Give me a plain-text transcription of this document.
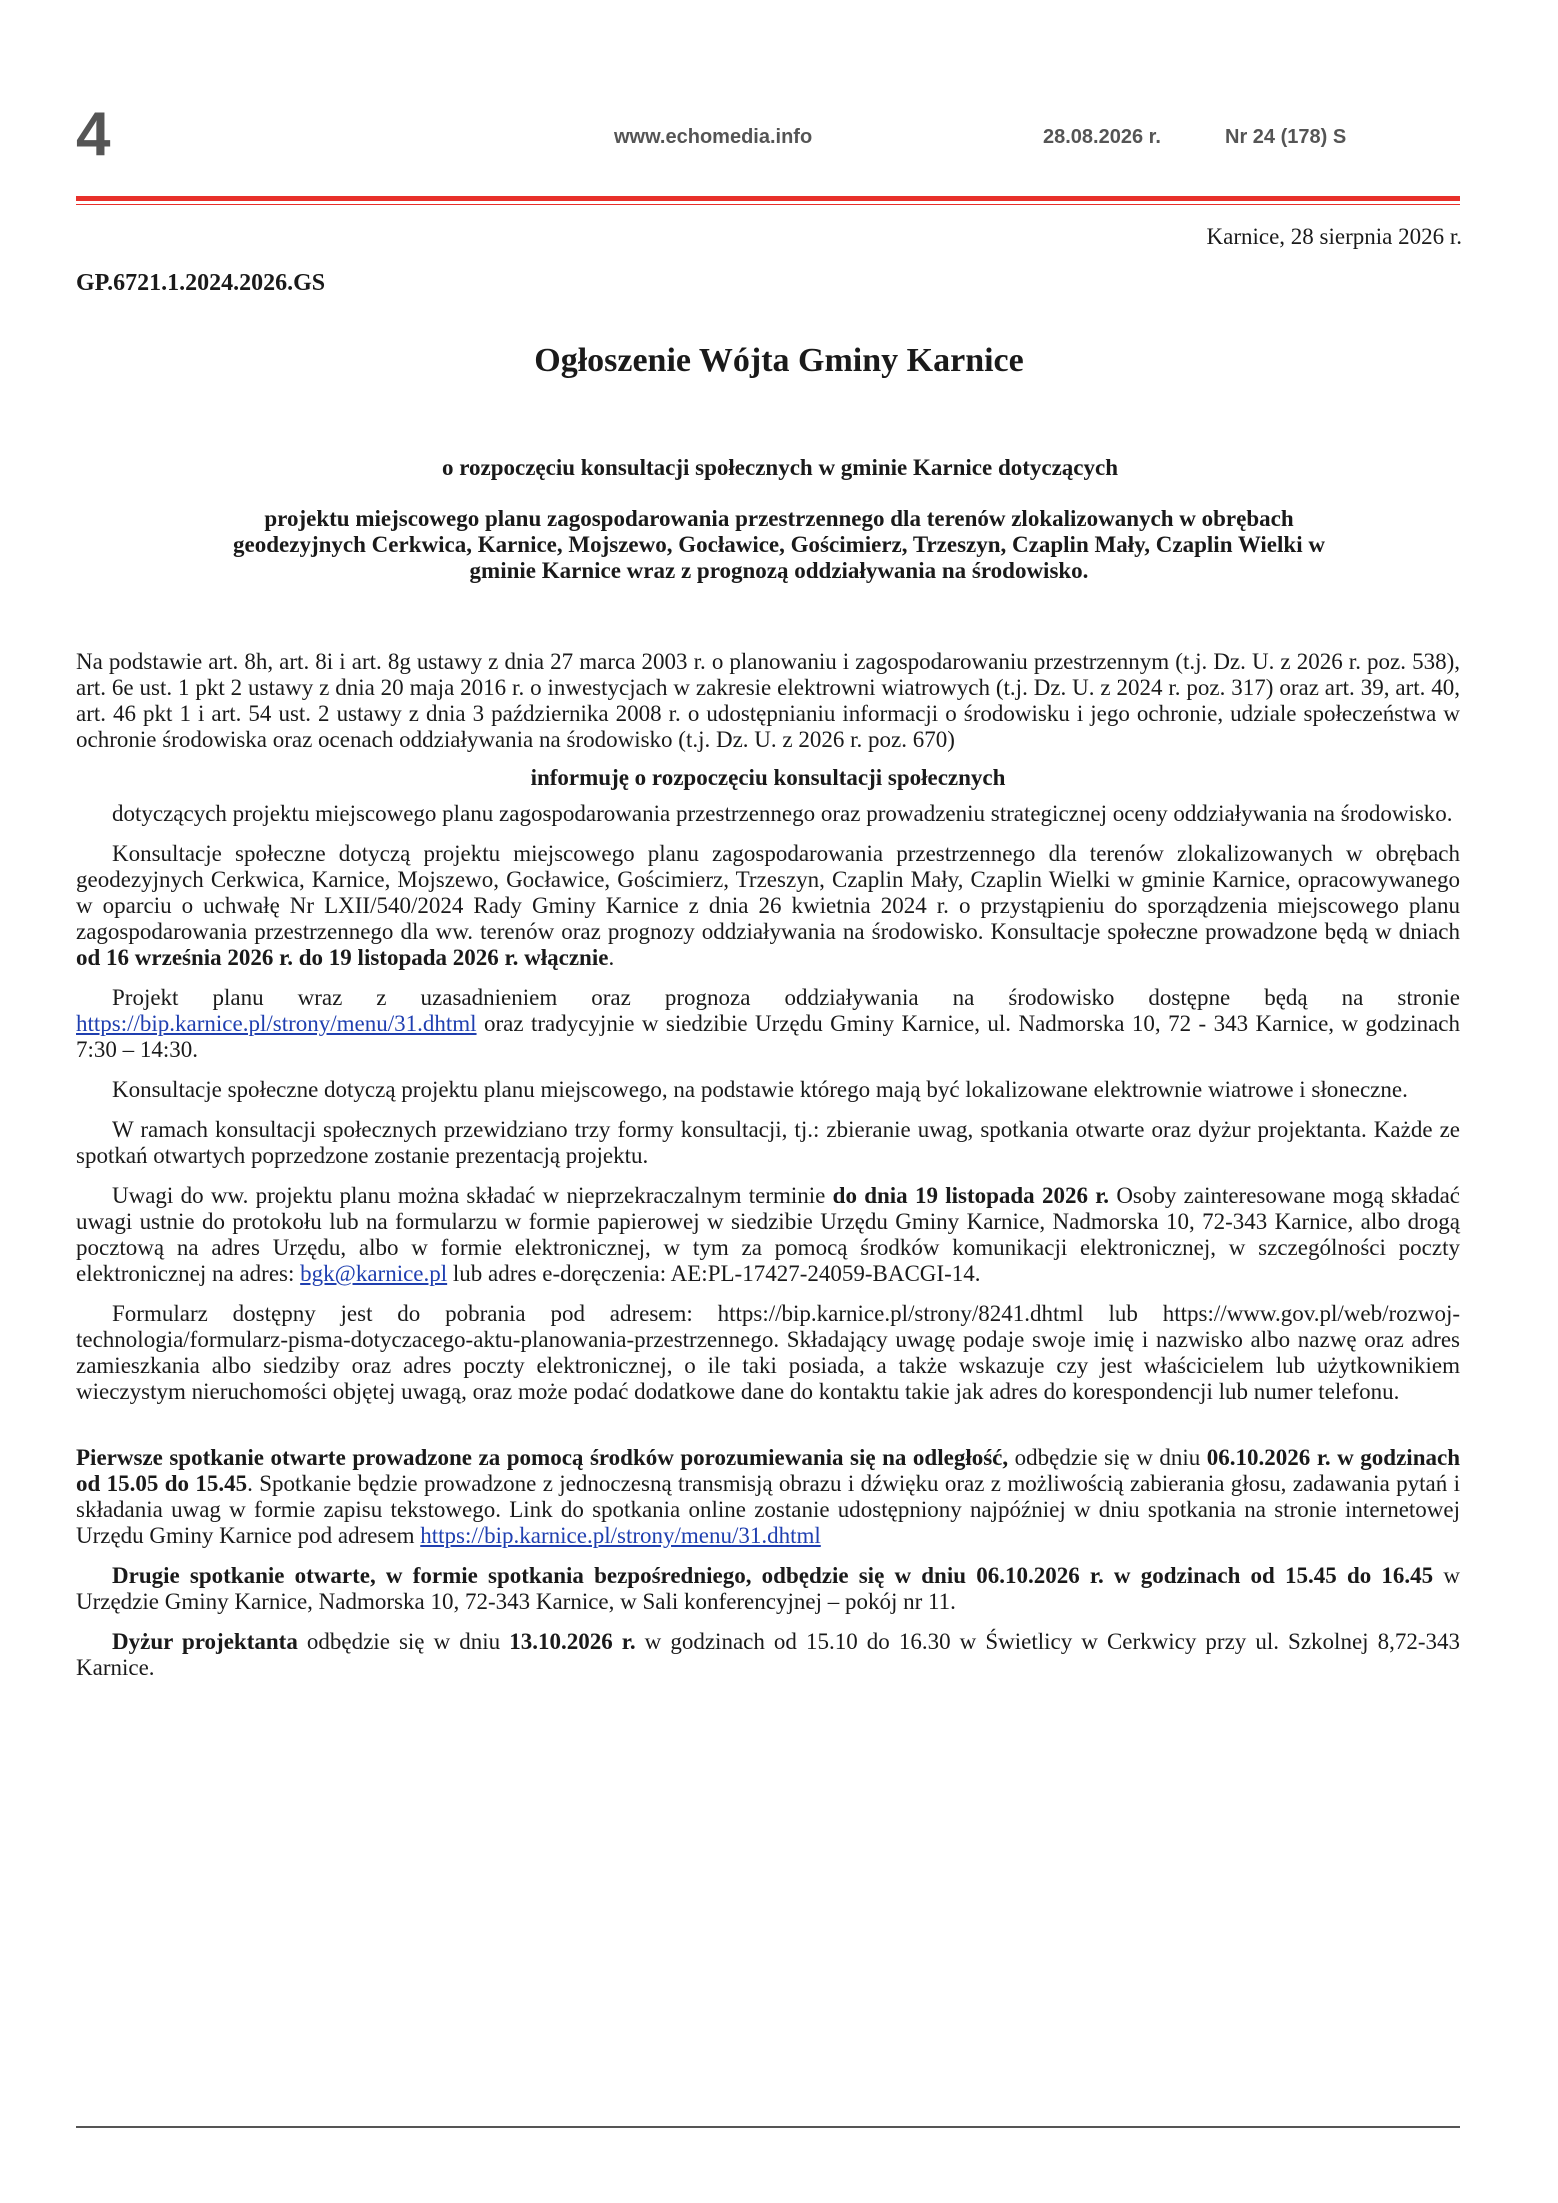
4	www.echomedia.info	28.08.2026 r.	Nr 24 (178) S
Karnice, 28 sierpnia 2026 r.
GP.6721.1.2024.2026.GS
Ogłoszenie Wójta Gminy Karnice
o rozpoczęciu konsultacji społecznych w gminie Karnice dotyczących
projektu miejscowego planu zagospodarowania przestrzennego dla terenów zlokalizowanych w obrębach geodezyjnych Cerkwica, Karnice, Mojszewo, Gocławice, Gościmierz, Trzeszyn, Czaplin Mały, Czaplin Wielki w gminie Karnice wraz z prognozą oddziaływania na środowisko.

Na podstawie art. 8h, art. 8i i art. 8g ustawy z dnia 27 marca 2003 r. o planowaniu i zagospodarowaniu przestrzennym (t.j. Dz. U. z 2026 r. poz. 538), art. 6e ust. 1 pkt 2 ustawy z dnia 20 maja 2016 r. o inwestycjach w zakresie elektrowni wiatrowych (t.j. Dz. U. z 2024 r. poz. 317) oraz art. 39, art. 40, art. 46 pkt 1 i art. 54 ust. 2 ustawy z dnia 3 października 2008 r. o udostępnianiu informacji o środowisku i jego ochronie, udziale społeczeństwa w ochronie środowiska oraz ocenach oddziaływania na środowisko (t.j. Dz. U. z 2026 r. poz. 670)

informuję o rozpoczęciu konsultacji społecznych

dotyczących projektu miejscowego planu zagospodarowania przestrzennego oraz prowadzeniu strategicznej oceny oddziaływania na środowisko.

Konsultacje społeczne dotyczą projektu miejscowego planu zagospodarowania przestrzennego dla terenów zlokalizowanych w obrębach geodezyjnych Cerkwica, Karnice, Mojszewo, Gocławice, Gościmierz, Trzeszyn, Czaplin Mały, Czaplin Wielki w gminie Karnice, opracowywanego w oparciu o uchwałę Nr LXII/540/2024 Rady Gminy Karnice z dnia 26 kwietnia 2024 r. o przystąpieniu do sporządzenia miejscowego planu zagospodarowania przestrzennego dla ww. terenów oraz prognozy oddziaływania na środowisko. Konsultacje społeczne prowadzone będą w dniach od 16 września 2026 r. do 19 listopada 2026 r. włącznie.

Projekt planu wraz z uzasadnieniem oraz prognoza oddziaływania na środowisko dostępne będą na stronie https://bip.karnice.pl/strony/menu/31.dhtml oraz tradycyjnie w siedzibie Urzędu Gminy Karnice, ul. Nadmorska 10, 72 - 343 Karnice, w godzinach 7:30 – 14:30.

Konsultacje społeczne dotyczą projektu planu miejscowego, na podstawie którego mają być lokalizowane elektrownie wiatrowe i słoneczne.

W ramach konsultacji społecznych przewidziano trzy formy konsultacji, tj.: zbieranie uwag, spotkania otwarte oraz dyżur projektanta. Każde ze spotkań otwartych poprzedzone zostanie prezentacją projektu.

Uwagi do ww. projektu planu można składać w nieprzekraczalnym terminie do dnia 19 listopada 2026 r. Osoby zainteresowane mogą składać uwagi ustnie do protokołu lub na formularzu w formie papierowej w siedzibie Urzędu Gminy Karnice, Nadmorska 10, 72-343 Karnice, albo drogą pocztową na adres Urzędu, albo w formie elektronicznej, w tym za pomocą środków komunikacji elektronicznej, w szczególności poczty elektronicznej na adres: bgk@karnice.pl lub adres e-doręczenia: AE:PL-17427-24059-BACGI-14.

Formularz dostępny jest do pobrania pod adresem: https://bip.karnice.pl/strony/8241.dhtml lub https://www.gov.pl/web/rozwoj-technologia/formularz-pisma-dotyczacego-aktu-planowania-przestrzennego. Składający uwagę podaje swoje imię i nazwisko albo nazwę oraz adres zamieszkania albo siedziby oraz adres poczty elektronicznej, o ile taki posiada, a także wskazuje czy jest właścicielem lub użytkownikiem wieczystym nieruchomości objętej uwagą, oraz może podać dodatkowe dane do kontaktu takie jak adres do korespondencji lub numer telefonu.

Pierwsze spotkanie otwarte prowadzone za pomocą środków porozumiewania się na odległość, odbędzie się w dniu 06.10.2026 r. w godzinach od 15.05 do 15.45. Spotkanie będzie prowadzone z jednoczesną transmisją obrazu i dźwięku oraz z możliwością zabierania głosu, zadawania pytań i składania uwag w formie zapisu tekstowego. Link do spotkania online zostanie udostępniony najpóźniej w dniu spotkania na stronie internetowej Urzędu Gminy Karnice pod adresem https://bip.karnice.pl/strony/menu/31.dhtml

Drugie spotkanie otwarte, w formie spotkania bezpośredniego, odbędzie się w dniu 06.10.2026 r. w godzinach od 15.45 do 16.45 w Urzędzie Gminy Karnice, Nadmorska 10, 72-343 Karnice, w Sali konferencyjnej – pokój nr 11.

Dyżur projektanta odbędzie się w dniu 13.10.2026 r. w godzinach od 15.10 do 16.30 w Świetlicy w Cerkwicy przy ul. Szkolnej 8,72-343 Karnice.
